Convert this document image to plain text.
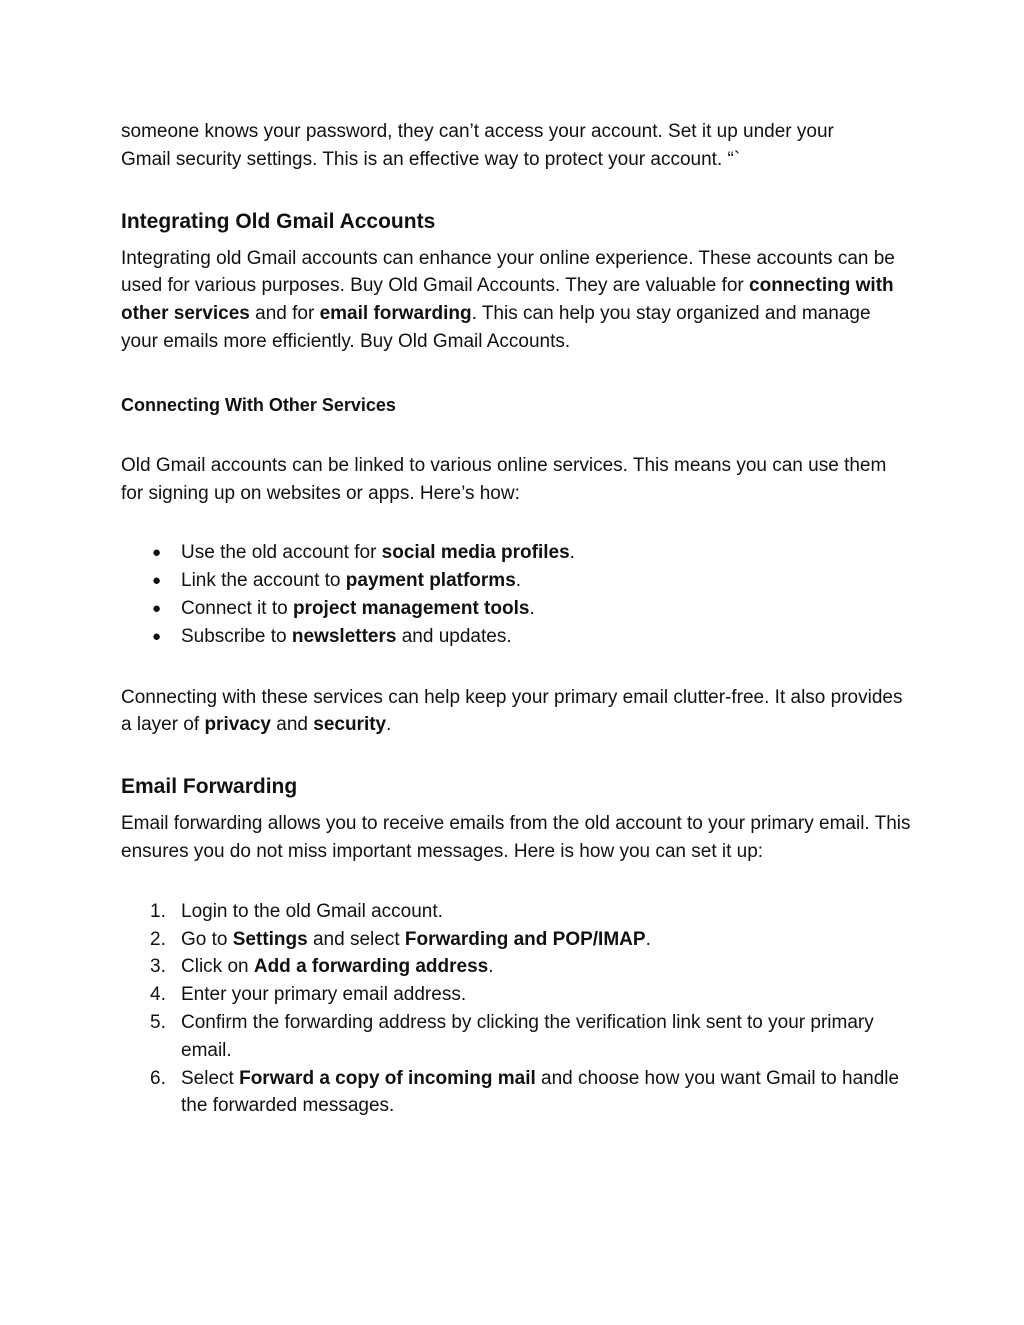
someone knows your password, they can’t access your account. Set it up under your
Gmail security settings. This is an effective way to protect your account. “`

Integrating Old Gmail Accounts

Integrating old Gmail accounts can enhance your online experience. These accounts can be used for various purposes. Buy Old Gmail Accounts. They are valuable for connecting with other services and for email forwarding. This can help you stay organized and manage your emails more efficiently. Buy Old Gmail Accounts.

Connecting With Other Services

Old Gmail accounts can be linked to various online services. This means you can use them for signing up on websites or apps. Here’s how:

● Use the old account for social media profiles.
● Link the account to payment platforms.
● Connect it to project management tools.
● Subscribe to newsletters and updates.

Connecting with these services can help keep your primary email clutter-free. It also provides a layer of privacy and security.

Email Forwarding

Email forwarding allows you to receive emails from the old account to your primary email. This ensures you do not miss important messages. Here is how you can set it up:

1. Login to the old Gmail account.
2. Go to Settings and select Forwarding and POP/IMAP.
3. Click on Add a forwarding address.
4. Enter your primary email address.
5. Confirm the forwarding address by clicking the verification link sent to your primary email.
6. Select Forward a copy of incoming mail and choose how you want Gmail to handle the forwarded messages.
